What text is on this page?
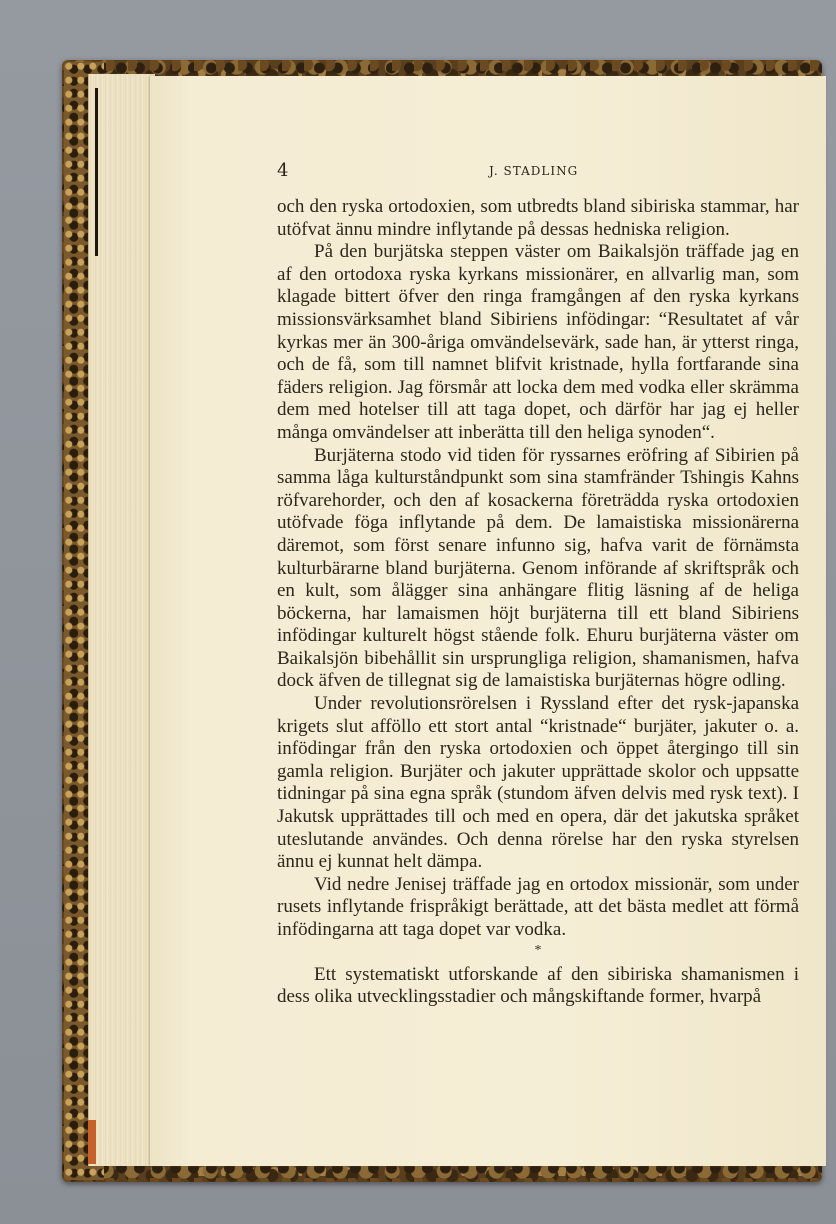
4	J. STADLING

och den ryska ortodoxien, som utbredts bland sibiriska stammar, har utöfvat ännu mindre inflytande på dessas hedniska religion.

På den burjätska steppen väster om Baikalsjön träffade jag en af den ortodoxa ryska kyrkans missionärer, en allvarlig man, som klagade bittert öfver den ringa framgången af den ryska kyrkans missionsvärksamhet bland Sibiriens infödingar: “Resultatet af vår kyrkas mer än 300-åriga omvändelsevärk, sade han, är ytterst ringa, och de få, som till namnet blifvit kristnade, hylla fortfarande sina fäders religion. Jag försmår att locka dem med vodka eller skrämma dem med hotelser till att taga dopet, och därför har jag ej heller många omvändelser att inberätta till den heliga synoden“.

Burjäterna stodo vid tiden för ryssarnes eröfring af Sibirien på samma låga kulturståndpunkt som sina stamfränder Tshingis Kahns röfvarehorder, och den af kosackerna företrädda ryska ortodoxien utöfvade föga inflytande på dem. De lamaistiska missionärerna däremot, som först senare infunno sig, hafva varit de förnämsta kulturbärarne bland burjäterna. Genom införande af skriftspråk och en kult, som ålägger sina anhängare flitig läsning af de heliga böckerna, har lamaismen höjt burjäterna till ett bland Sibiriens infödingar kulturelt högst stående folk. Ehuru burjäterna väster om Baikalsjön bibehållit sin ursprungliga religion, shamanismen, hafva dock äfven de tillegnat sig de lamaistiska burjäternas högre odling.

Under revolutionsrörelsen i Ryssland efter det rysk-japanska krigets slut afföllo ett stort antal “kristnade“ burjäter, jakuter o. a. infödingar från den ryska ortodoxien och öppet återgingo till sin gamla religion. Burjäter och jakuter upprättade skolor och uppsatte tidningar på sina egna språk (stundom äfven delvis med rysk text). I Jakutsk upprättades till och med en opera, där det jakutska språket uteslutande användes. Och denna rörelse har den ryska styrelsen ännu ej kunnat helt dämpa.

Vid nedre Jenisej träffade jag en ortodox missionär, som under rusets inflytande frispråkigt berättade, att det bästa medlet att förmå infödingarna att taga dopet var vodka.

*

Ett systematiskt utforskande af den sibiriska shamanismen i dess olika utvecklingsstadier och mångskiftande former, hvarpå
